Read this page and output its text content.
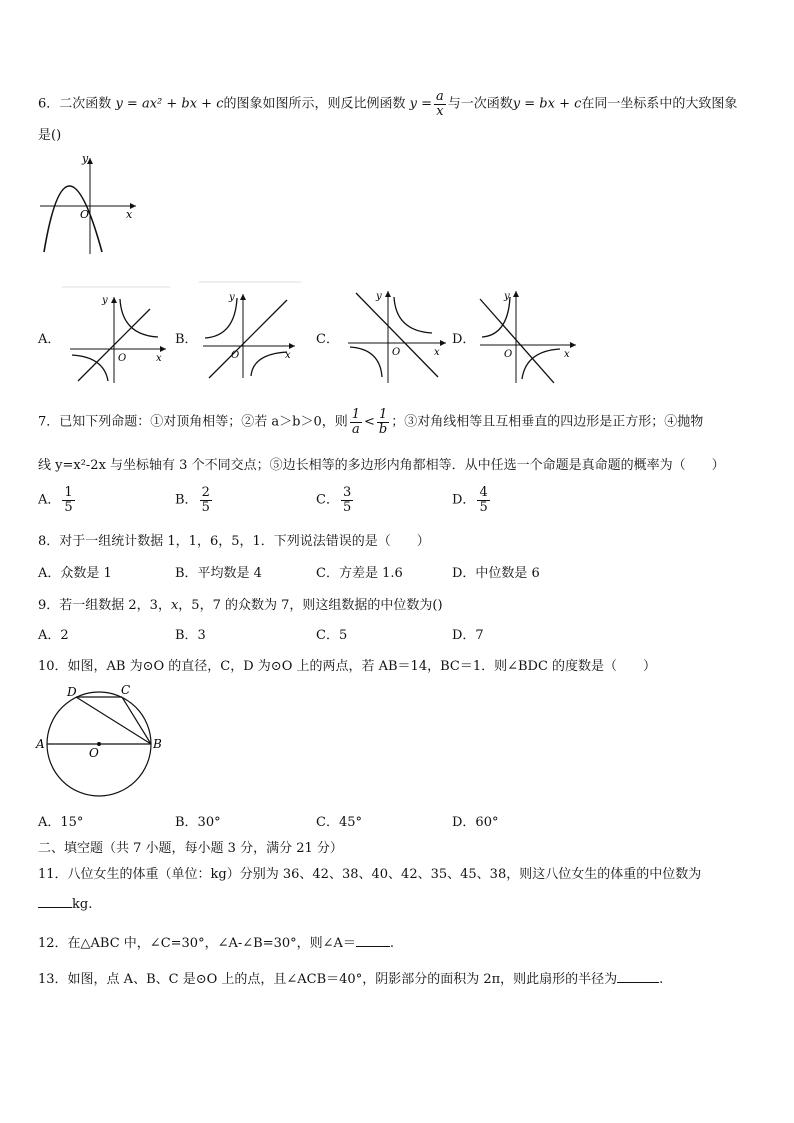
6．二次函数 y = ax² + bx + c的图象如图所示，则反比例函数 $y = \frac{a}{x}$ 与一次函数y = bx + c在同一坐标系中的大致图象
是()
y
x
O
A．
y
x
O
B．
y
x
O
C．
y
x
O
D．
y
x
O
7．已知下列命题：①对顶角相等；②若 a＞b＞0，则 $\frac{1}{a} < \frac{1}{b}$ ；③对角线相等且互相垂直的四边形是正方形；④抛物
线 y=x²-2x 与坐标轴有 3 个不同交点；⑤边长相等的多边形内角都相等．从中任选一个命题是真命题的概率为（　　）
A． $\frac{1}{5}$	B． $\frac{2}{5}$	C． $\frac{3}{5}$	D． $\frac{4}{5}$
8．对于一组统计数据 1，1，6，5，1．下列说法错误的是（　　）
A．众数是 1	B．平均数是 4	C．方差是 1.6	D．中位数是 6
9．若一组数据 2，3，x，5，7 的众数为 7，则这组数据的中位数为()
A．2	B．3	C．5	D．7
10．如图，AB 为⊙O 的直径，C，D 为⊙O 上的两点，若 AB＝14，BC＝1．则∠BDC 的度数是（　　）
A	B
C
D
O
A．15°	B．30°	C．45°	D．60°
二、填空题（共 7 小题，每小题 3 分，满分 21 分）
11．八位女生的体重（单位：kg）分别为 36、42、38、40、42、35、45、38，则这八位女生的体重的中位数为
kg.
12．在△ABC 中，∠C=30°，∠A-∠B=30°，则∠A＝	.
13．如图，点 A、B、C 是⊙O 上的点，且∠ACB＝40°，阴影部分的面积为 2π，则此扇形的半径为	.
